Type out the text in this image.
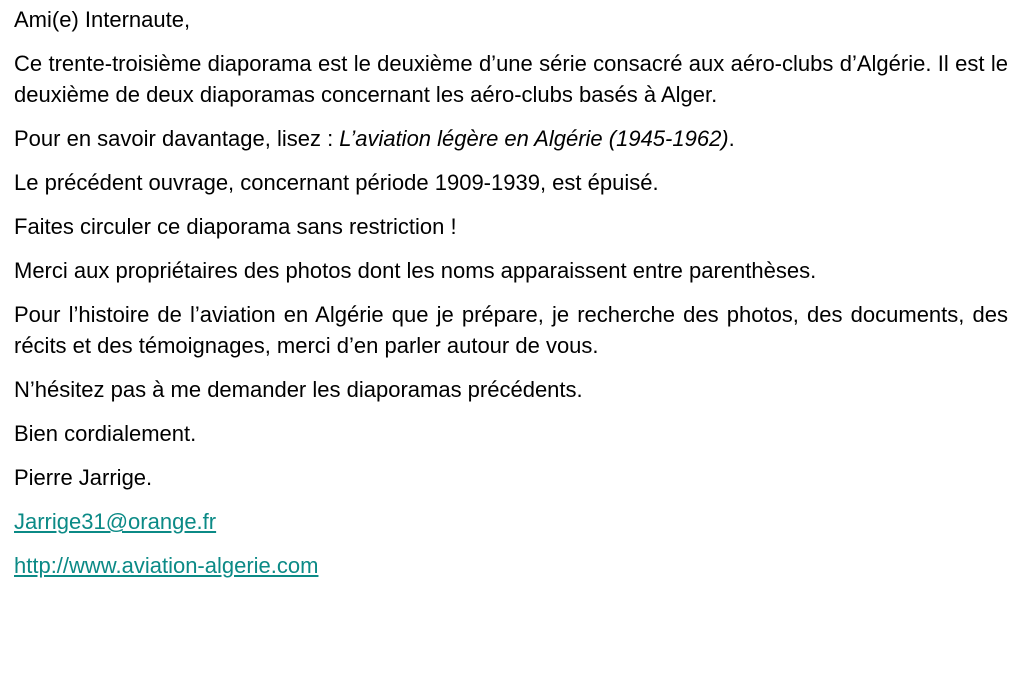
Ami(e) Internaute,

Ce trente-troisième diaporama est le deuxième d’une série consacré aux aéro-clubs d’Algérie. Il est le deuxième de deux diaporamas concernant les aéro-clubs basés à Alger.

Pour en savoir davantage, lisez : L’aviation légère en Algérie (1945-1962).

Le précédent ouvrage, concernant période 1909-1939, est épuisé.

Faites circuler ce diaporama sans restriction !

Merci aux propriétaires des photos dont les noms apparaissent entre parenthèses.

Pour l’histoire de l’aviation en Algérie que je prépare, je recherche des photos, des documents, des récits et des témoignages, merci d’en parler autour de vous.

N’hésitez pas à me demander les diaporamas précédents.

Bien cordialement.

Pierre Jarrige.

Jarrige31@orange.fr

http://www.aviation-algerie.com
